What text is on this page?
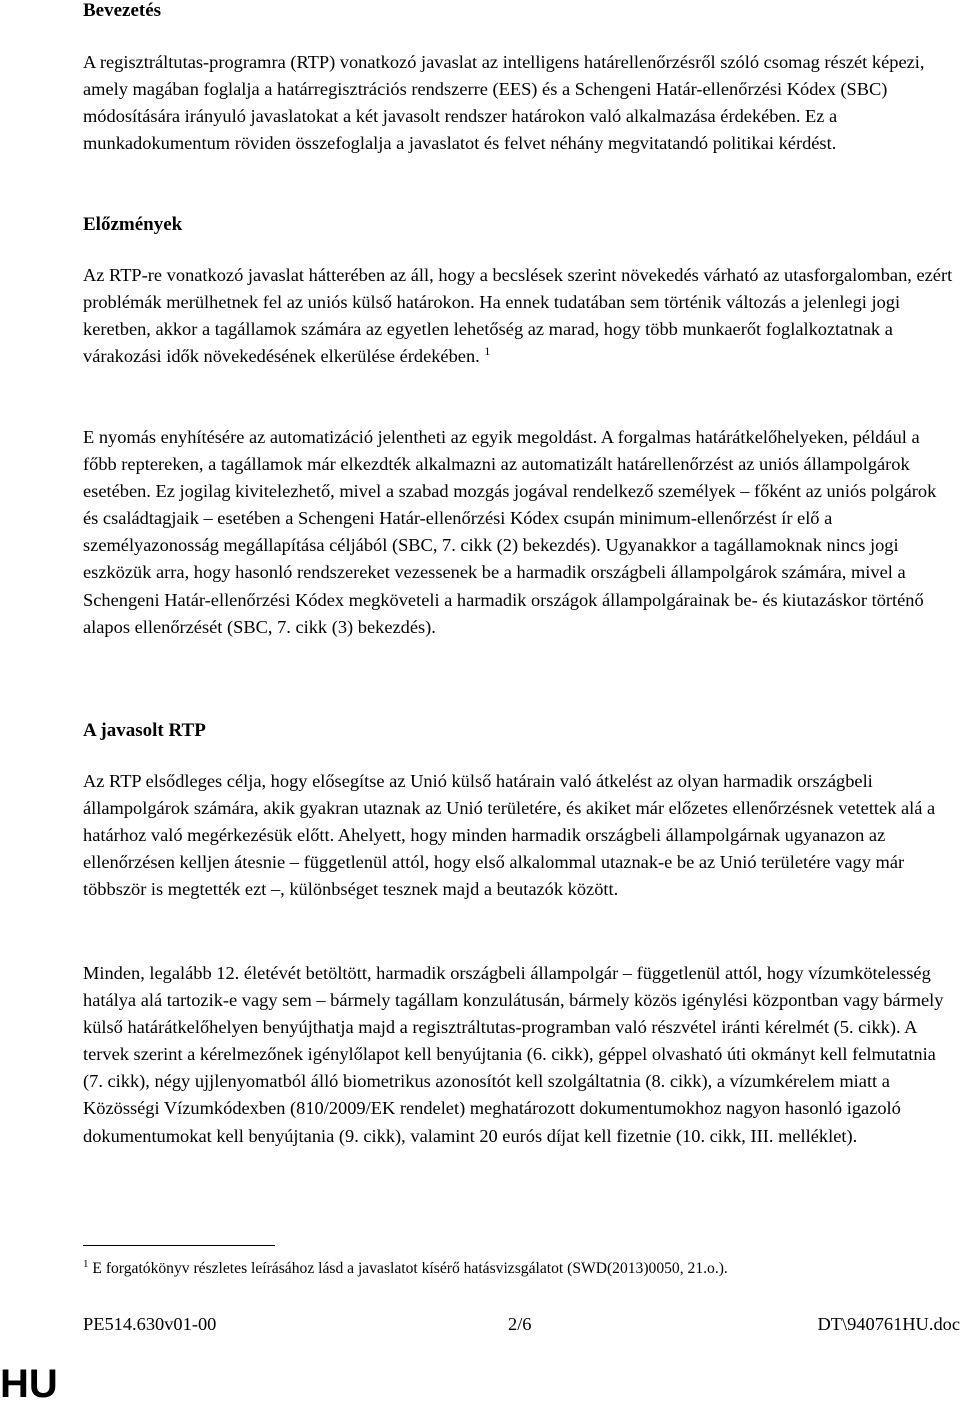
Bevezetés

A regisztráltutas-programra (RTP) vonatkozó javaslat az intelligens határellenőrzésről szóló csomag részét képezi, amely magában foglalja a határregisztrációs rendszerre (EES) és a Schengeni Határ-ellenőrzési Kódex (SBC) módosítására irányuló javaslatokat a két javasolt rendszer határokon való alkalmazása érdekében. Ez a munkadokumentum röviden összefoglalja a javaslatot és felvet néhány megvitatandó politikai kérdést.

Előzmények

Az RTP-re vonatkozó javaslat hátterében az áll, hogy a becslések szerint növekedés várható az utasforgalomban, ezért problémák merülhetnek fel az uniós külső határokon. Ha ennek tudatában sem történik változás a jelenlegi jogi keretben, akkor a tagállamok számára az egyetlen lehetőség az marad, hogy több munkaerőt foglalkoztatnak a várakozási idők növekedésének elkerülése érdekében. $^1$

E nyomás enyhítésére az automatizáció jelentheti az egyik megoldást. A forgalmas határátkelőhelyeken, például a főbb reptereken, a tagállamok már elkezdték alkalmazni az automatizált határellenőrzést az uniós állampolgárok esetében. Ez jogilag kivitelezhető, mivel a szabad mozgás jogával rendelkező személyek – főként az uniós polgárok és családtagjaik – esetében a Schengeni Határ-ellenőrzési Kódex csupán minimum-ellenőrzést ír elő a személyazonosság megállapítása céljából (SBC, 7. cikk (2) bekezdés). Ugyanakkor a tagállamoknak nincs jogi eszközük arra, hogy hasonló rendszereket vezessenek be a harmadik országbeli állampolgárok számára, mivel a Schengeni Határ-ellenőrzési Kódex megköveteli a harmadik országok állampolgárainak be- és kiutazáskor történő alapos ellenőrzését (SBC, 7. cikk (3) bekezdés).

A javasolt RTP

Az RTP elsődleges célja, hogy elősegítse az Unió külső határain való átkelést az olyan harmadik országbeli állampolgárok számára, akik gyakran utaznak az Unió területére, és akiket már előzetes ellenőrzésnek vetettek alá a határhoz való megérkezésük előtt. Ahelyett, hogy minden harmadik országbeli állampolgárnak ugyanazon az ellenőrzésen kelljen átesnie – függetlenül attól, hogy első alkalommal utaznak-e be az Unió területére vagy már többször is megtették ezt –, különbséget tesznek majd a beutazók között.

Minden, legalább 12. életévét betöltött, harmadik országbeli állampolgár – függetlenül attól, hogy vízumkötelesség hatálya alá tartozik-e vagy sem – bármely tagállam konzulátusán, bármely közös igénylési központban vagy bármely külső határátkelőhelyen benyújthatja majd a regisztráltutas-programban való részvétel iránti kérelmét (5. cikk). A tervek szerint a kérelmezőnek igénylőlapot kell benyújtania (6. cikk), géppel olvasható úti okmányt kell felmutatnia (7. cikk), négy ujjlenyomatból álló biometrikus azonosítót kell szolgáltatnia (8. cikk), a vízumkérelem miatt a Közösségi Vízumkódexben (810/2009/EK rendelet) meghatározott dokumentumokhoz nagyon hasonló igazoló dokumentumokat kell benyújtania (9. cikk), valamint 20 eurós díjat kell fizetnie (10. cikk, III. melléklet).

$^1$ E forgatókönyv részletes leírásához lásd a javaslatot kísérő hatásvizsgálatot (SWD(2013)0050, 21.o.).

PE514.630v01-00	2/6	DT\940761HU.doc
HU
